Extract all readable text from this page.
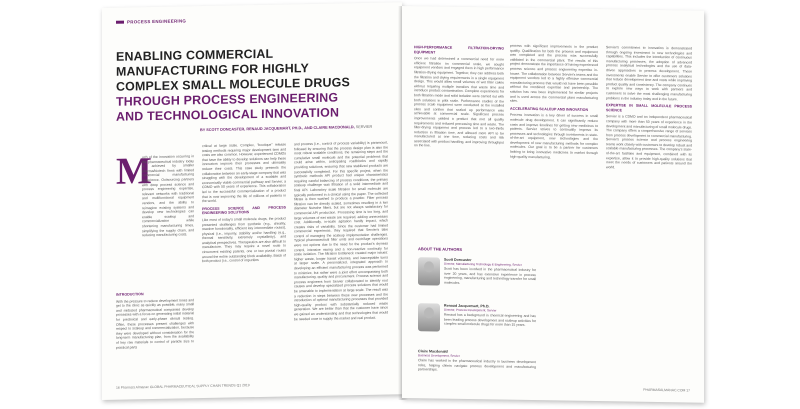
PROCESS ENGINEERING
ENABLING COMMERCIAL MANUFACTURING FOR HIGHLY COMPLEX SMALL MOLECULE DRUGS THROUGH PROCESS ENGINEERING AND TECHNOLOGICAL INNOVATION
BY SCOTT DONCASTER, RENAUD JACQUEMART, PH.D., AND CLAIRE MACDONALD, SERVIER
M

uch of the innovation occurring in the pharmaceutical industry today is achieved by smaller pharma/biotech firms with limited commercial manufacturing experience. Outsourcing partners with deep process science and process engineering expertise, relevant networks with traditional and multifunctional equipment vendors, and the ability to reimagine existing systems and develop new technologies can enable scaleup and commercialization while shortening manufacturing times, simplifying the supply chain, and reducing manufacturing costs.

INTRODUCTION

With the pressure to reduce development times and get to the clinic as quickly as possible, many small and midsized pharmaceutical companies develop processes with a focus on generating initial material for preclinical and early-phase clinical testing. Often, these processes present challenges with respect to scaleup and commercialization, because they were developed without consideration for the long-term manufacturing plan, from the availability of key raw materials to control of particle size to practical parts

critical at large scale. Complex, "boutique" release testing methods requiring major development time and costs are also common. However, experienced CDMOs that have the ability to develop solutions can help these innovators improve their processes and ultimately reduce their costs. This case study presents the collaboration between an early-stage company that was struggling with the development of a scalable and economically viable commercial pathway and Servier, a CDMO with 50 years of experience. This collaboration led to the successful commercialization of a product that is now improving the life of millions of patients in the world.

PROCESS SCIENCE AND PROCESS ENGINEERING SOLUTIONS

Like most of today's small molecule drugs, the product presented challenges from synthetic (e.g., chirality, reactive functionality, efficient key intermediate routes), physical (i.e., impurity, stability and/or handling (e.g., thermal sensitivity, extremely crystallinity), and analytical perspectives. Therapeutics are also difficult to manufacture. They may require a novel route to circumvent existing patents, one or two pivotal routes around the entire outstanding block availability. Batch of both product (i.e., control of impurities

and process (i.e., control of process variability) is paramount, followed by ensuring that the process design plan is also the most robust scalable conditions, the remaining steps and the cumulative small molecule and the potential problems that could arise within, anticipating roadblocks and rapidly providing solutions, ensuring that new stabilized products are successfully completed. For this specific project, when the synthetic methods API product had unique characteristics requiring careful balancing of process conditions, the primary scaleup challenge was filtration of a solid intermediate and final API. Laboratory scale filtration for small molecule are typically performed in a clinical using the paper. The collected filtrate is then washed to produce a powder. Filter process filtration can be directly scaled, sometimes resulting in a two diameter Nutsche filters, but are not always satisfactory for commercial API production. Processing time is too long, and large volumes of wet waste are required, adding unnecessary cost. Additionally, in-scale agitation hardly impact, which creates risks of variability. Since the customer had limited commercial experience, they required that Servier's take control of managing the scaleup implementation challenges. Typical pharmaceutical filter units and centrifuge operations were not options due to the need for the product's dryness control, intensive mixing and a non-reactive continuity for scale isolation. The filtration bottleneck created major issues: higher waste, longer transit volumes, and inacceptable turns at larger scale. A personalized, integrated approach to developing an efficient manufacturing process was performed to minimize, but rather were a joint effort encompassing both manufacturing, quality and procurement. Process science and process engineers from Servier collaborated to identify root causes and develop specialized process solutions that would be amenable to implementation at large scale. The result was a reduction in steps between these new processes and the introduction of optimal manufacturing processes that provided high-quality product with substantially reduced waste generation. We are better than that the customer have since we gained an understanding and that technologies that would be needed once to supply the market and real product.

16 Pharma's Almanac GLOBAL PHARMACEUTICAL SUPPLY CHAIN TRENDS Q1 2019
HIGH-PERFORMANCE FILTRATION-DRYING EQUIPMENT

Once we had determined a commercial need for more efficient filtration on commercial scale, we sought equipment vendors and engaged them in high performance filtration-drying equipment. Together, they can address both the filtration and drying requirements in a single equipment design. This would allow small volumes of wet filter cakes without requiring multiple transfers that waste time and introduce product contamination. Complete experiments for both filtration mode and solid isolation were carried out with both solutions in pilot scale. Performance studies of the process scale equipment were conducted at the installed sites and confirm that scaled up performance was achievable at commercial scale. Significant process improvements yielded a product that met all quality requirements and reduced processing time and waste. The filter-drying equipment and process led to a two-thirds reduction in filtration time, and allowed more API to be manufactured at one time, reducing costs and risk associated with product handling, and improving throughput on the line.

ABOUT THE AUTHORS
Scott Doncaster
Director, Manufacturing Technology & Engineering, Servier
Scott has been involved in the pharmaceutical industry for over 20 years, and has extensive experience in process engineering, manufacturing and technology transfer for small molecules.
Renaud Jacquemart, Ph.D.
Director, Process Development, Servier
Renaud has a background in chemical engineering and has been leading process development and scaleup activities for complex small molecule drugs for more than 15 years.
Claire Macdonald
Business Development, Servier
Claire has worked in the pharmaceutical industry in business development roles, helping clients navigate process development and manufacturing partnerships.

process with significant improvements in the product quality. Qualification for both the process and equipment was completed and the process was successfully validated in the commercial plant. The results of this project demonstrate the importance of having experienced process science and process engineering expertise in-house. The collaboration between Servier's teams and the equipment vendors led to a highly effective commercial manufacturing process that would not have been possible without the combined expertise and partnership. The solution has now been implemented for similar projects and is used across the commercial plant manufacturing sites.

ACCELERATING SCALEUP AND INNOVATION

Process innovation is a key driver of success in small molecule drug development. It can significantly reduce costs and improve timelines for getting new medicines to patients. Servier strives to continually improve its processes and technologies through investments in state-of-the-art equipment, new technologies and the development of new manufacturing methods for complex molecules. Our goal is to be a partner for customers looking to bring innovative medicines to market through high-quality manufacturing.

Servier's commitment to innovation is demonstrated through ongoing investment in new technologies and capabilities. This includes the introduction of continuous manufacturing processes, the adoption of advanced process analytical technologies and the use of data-driven approaches to process development. These investments enable Servier to offer customers solutions that reduce development time and costs while improving product quality and consistency. The company continues to explore new ways to work with partners and customers to solve the most challenging manufacturing problems in the industry today and in the future.

EXPERTISE IN SMALL MOLECULE PROCESS SCIENCE

Servier is a CDMO and an independent pharmaceutical company with more than 50 years of experience in the development and manufacturing of small molecule drugs. The company offers a comprehensive range of services from process development to commercial manufacturing. Servier's process science and process engineering teams work closely with customers to develop robust and scalable manufacturing processes. The company's state-of-the-art facilities and equipment, combined with its expertise, allow it to provide high-quality solutions that meet the needs of customers and patients around the world.

PHARMASALMANAC.COM 17
